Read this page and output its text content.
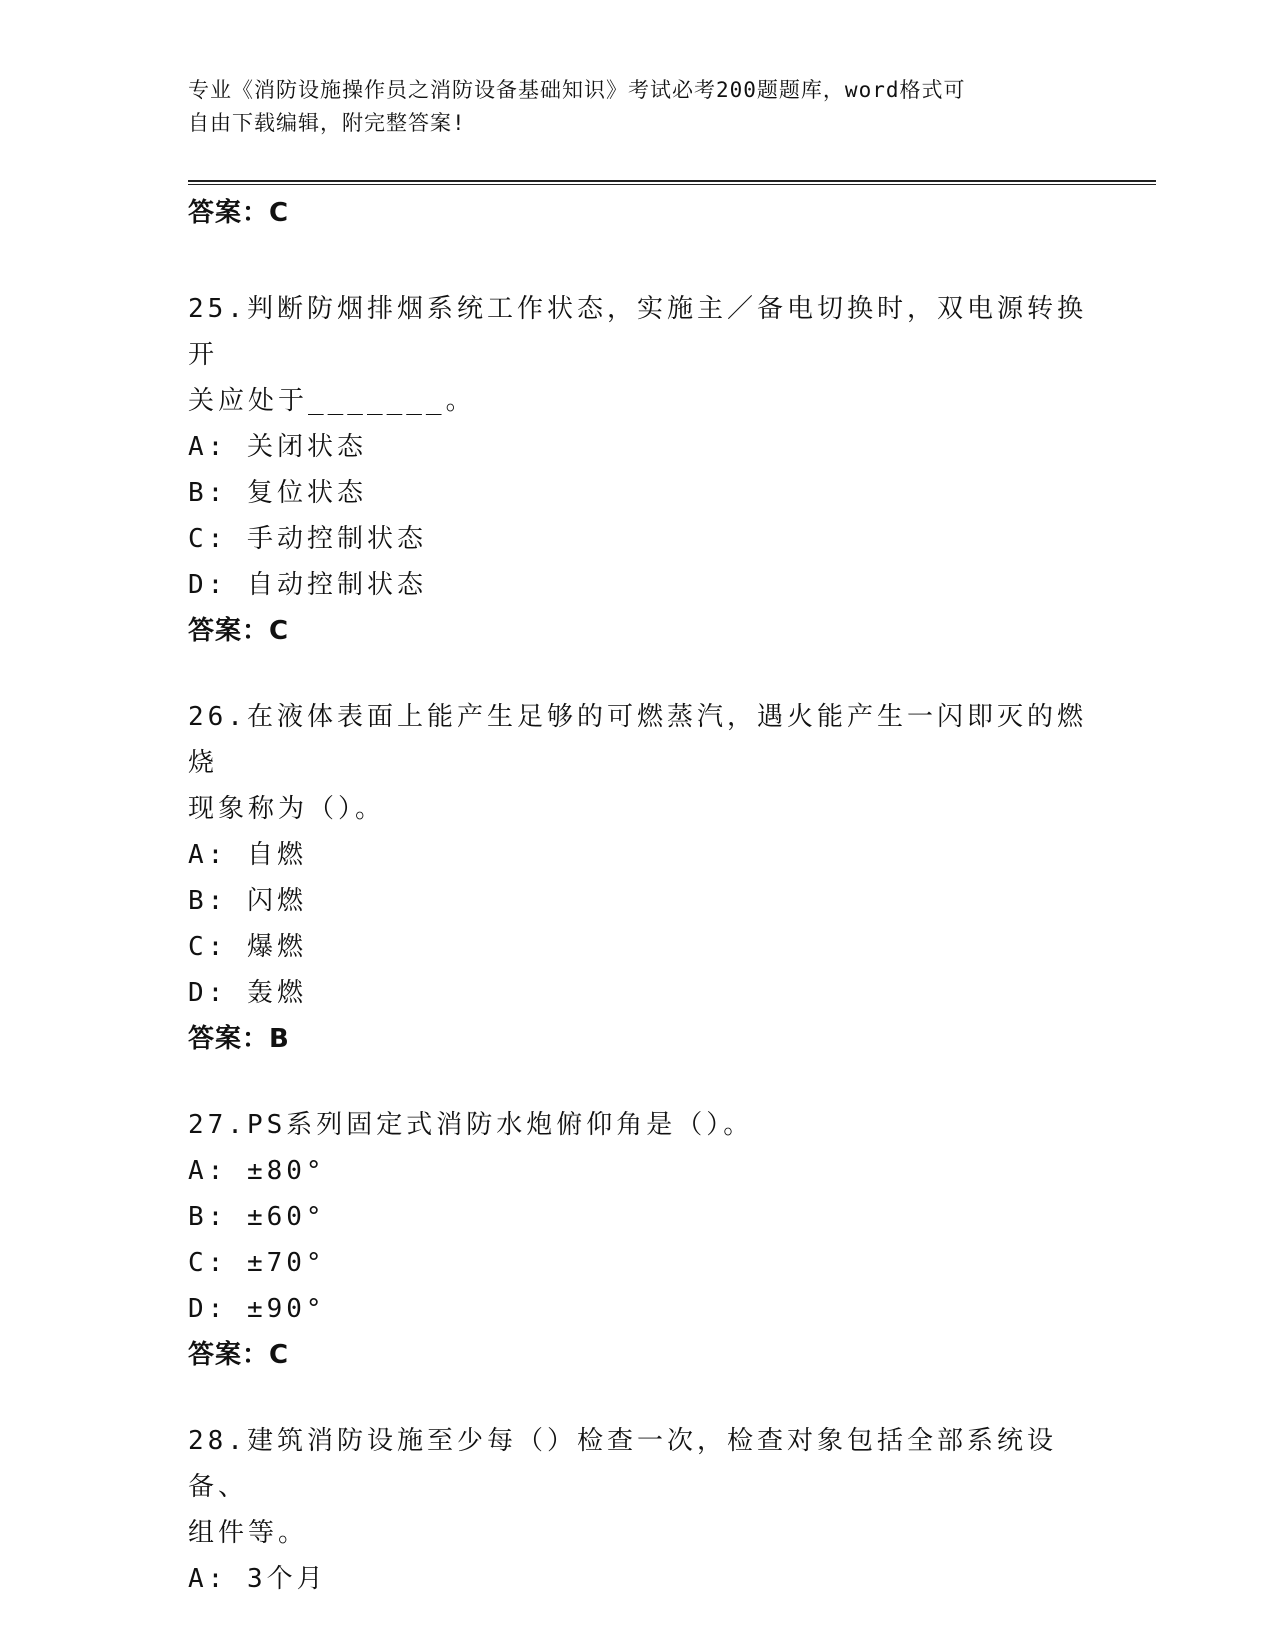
专业《消防设施操作员之消防设备基础知识》考试必考200题题库，word格式可
自由下载编辑，附完整答案!
答案：C
25.判断防烟排烟系统工作状态，实施主／备电切换时，双电源转换开
关应处于_______。
A: 关闭状态
B: 复位状态
C: 手动控制状态
D: 自动控制状态
答案：C
26.在液体表面上能产生足够的可燃蒸汽，遇火能产生一闪即灭的燃烧
现象称为（）。
A: 自燃
B: 闪燃
C: 爆燃
D: 轰燃
答案：B
27.PS系列固定式消防水炮俯仰角是（）。
A: ±80°
B: ±60°
C: ±70°
D: ±90°
答案：C
28.建筑消防设施至少每（）检查一次，检查对象包括全部系统设备、
组件等。
A: 3个月
